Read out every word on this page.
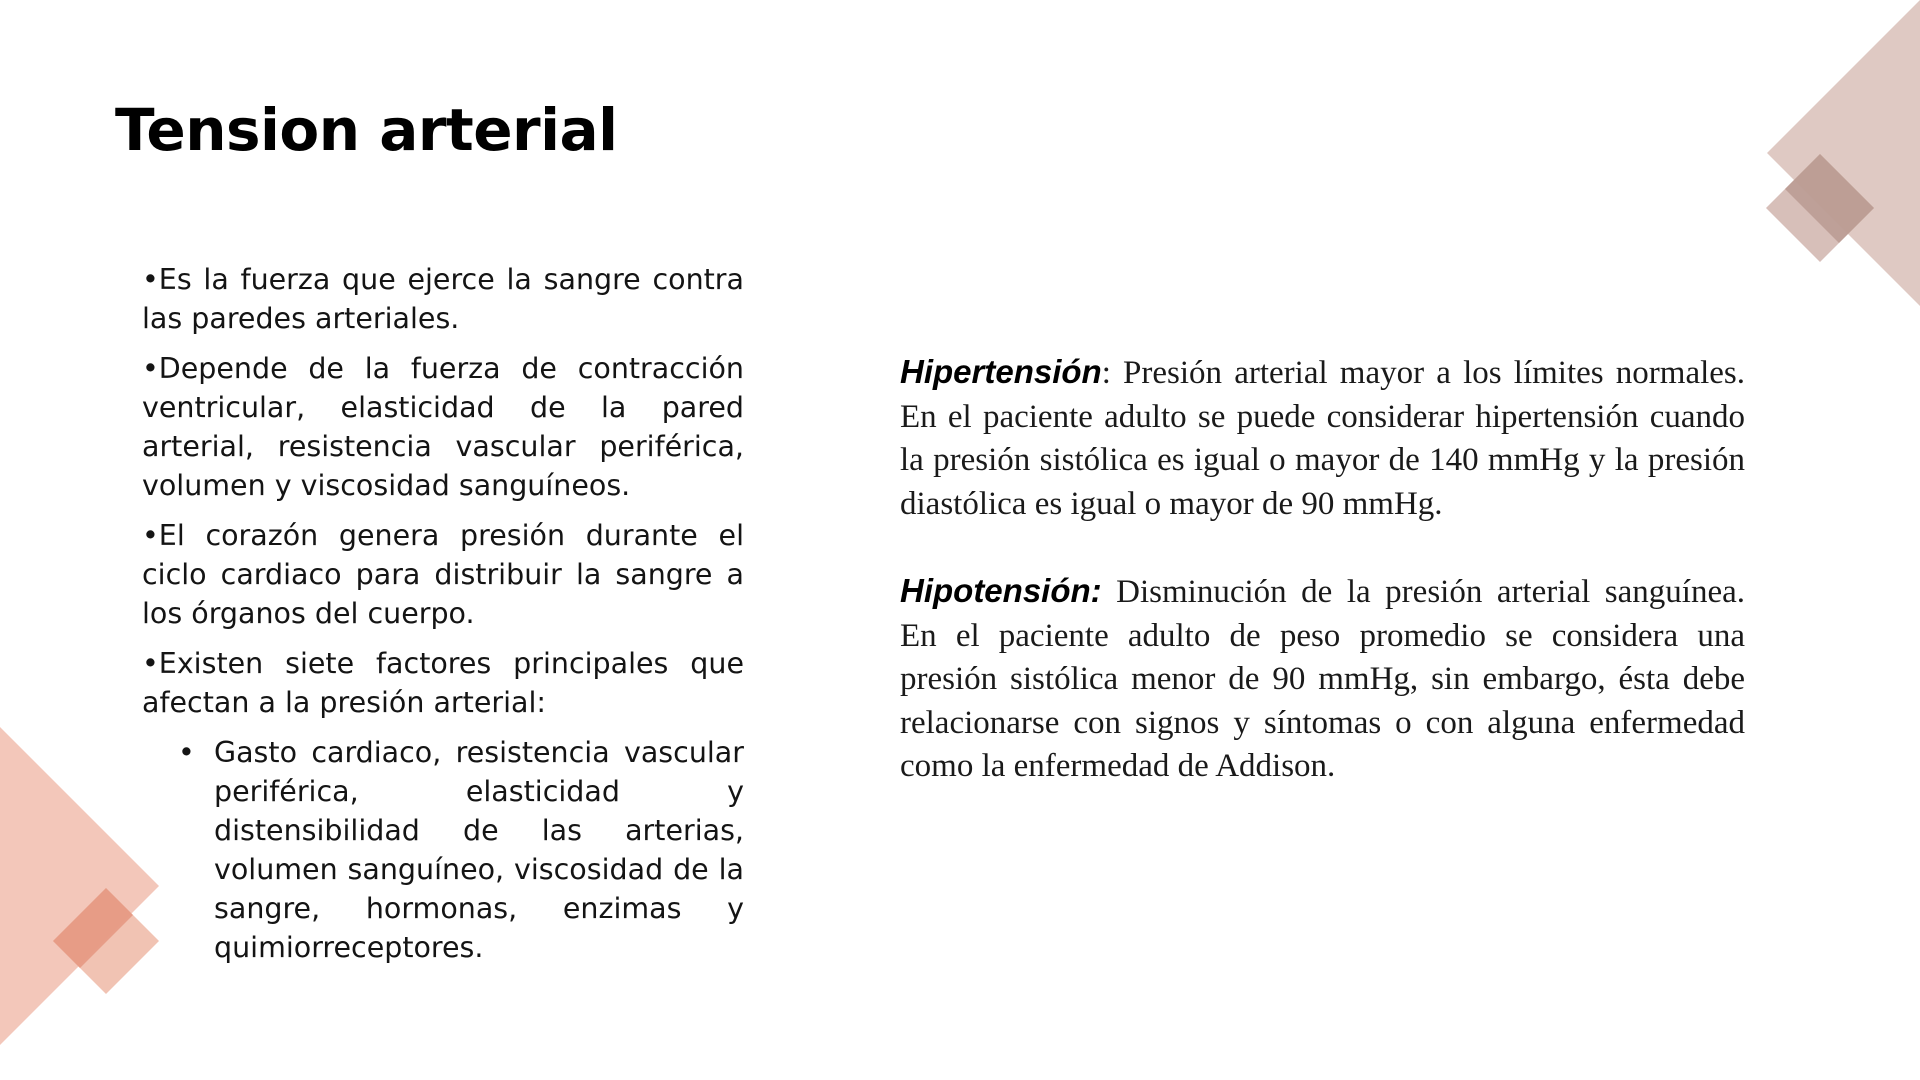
Tension arterial

•Es la fuerza que ejerce la sangre contra las paredes arteriales.

•Depende de la fuerza de contracción ventricular, elasticidad de la pared arterial, resistencia vascular periférica, volumen y viscosidad sanguíneos.

•El corazón genera presión durante el ciclo cardiaco para distribuir la sangre a los órganos del cuerpo.

•Existen siete factores principales que afectan a la presión arterial:

• Gasto cardiaco, resistencia vascular periférica, elasticidad y distensibilidad de las arterias, volumen sanguíneo, viscosidad de la sangre, hormonas, enzimas y quimiorreceptores.

Hipertensión: Presión arterial mayor a los límites normales. En el paciente adulto se puede considerar hipertensión cuando la presión sistólica es igual o mayor de 140 mmHg y la presión diastólica es igual o mayor de 90 mmHg.

Hipotensión: Disminución de la presión arterial sanguínea. En el paciente adulto de peso promedio se considera una presión sistólica menor de 90 mmHg, sin embargo, ésta debe relacionarse con signos y síntomas o con alguna enfermedad como la enfermedad de Addison.
